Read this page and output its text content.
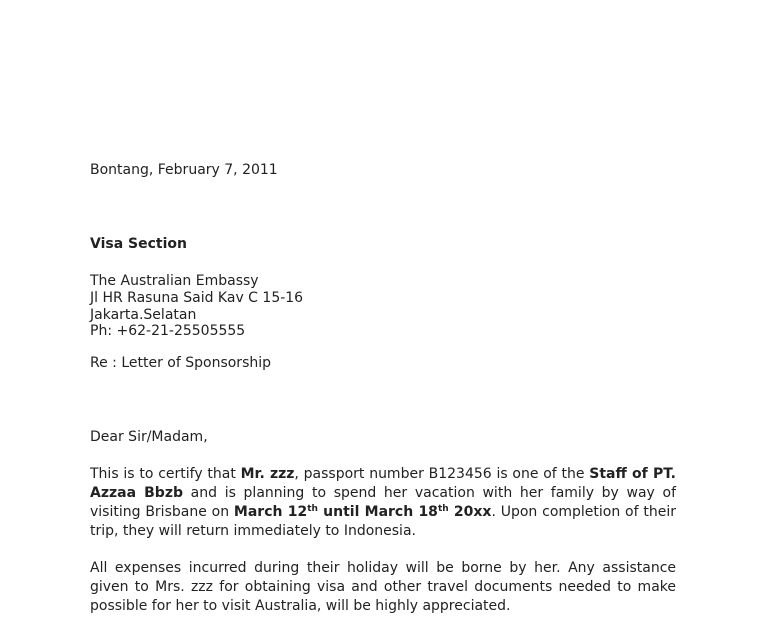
Bontang, February 7, 2011
Visa Section
The Australian Embassy
Jl HR Rasuna Said Kav C 15-16
Jakarta.Selatan
Ph: +62-21-25505555
Re : Letter of Sponsorship
Dear Sir/Madam,
This is to certify that Mr. zzz, passport number B123456 is one of the Staff of PT. Azzaa Bbzb and is planning to spend her vacation with her family by way of visiting Brisbane on March 12th until March 18th 20xx. Upon completion of their trip, they will return immediately to Indonesia.
All expenses incurred during their holiday will be borne by her. Any assistance given to Mrs. zzz for obtaining visa and other travel documents needed to make possible for her to visit Australia, will be highly appreciated.
